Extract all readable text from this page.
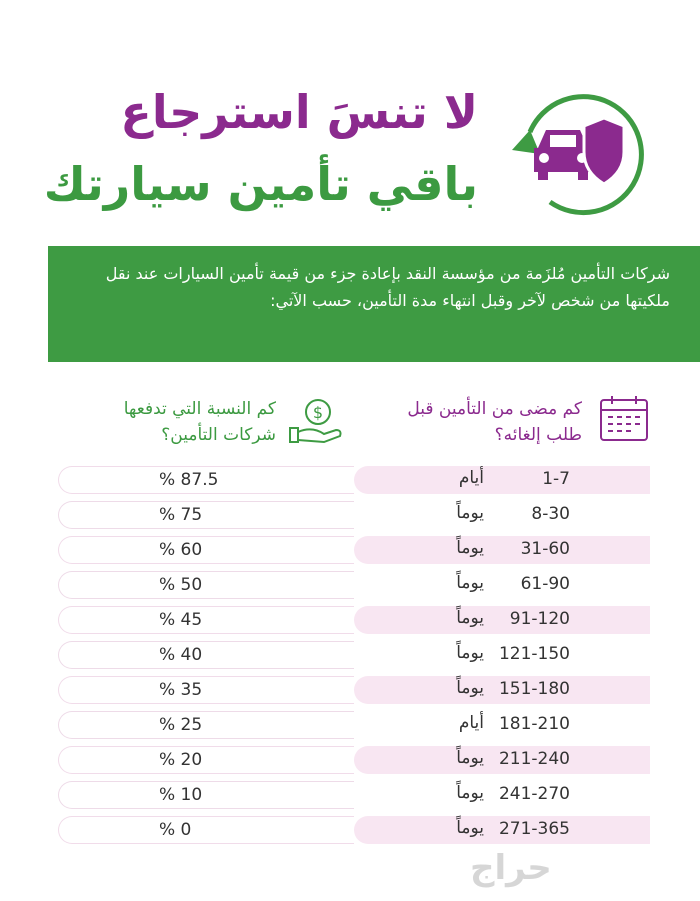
لا تنسَ استرجاع
باقي تأمين سيارتك
شركات التأمين مُلزَمة من مؤسسة النقد بإعادة جزء من قيمة تأمين السيارات عند نقل ملكيتها من شخص لآخر وقبل انتهاء مدة التأمين، حسب الآتي:
$
كم النسبة التي تدفعها شركات التأمين؟
كم مضى من التأمين قبل طلب إلغائه؟
% 87.5	1-7
أيام
% 75	8-30
يوماً
% 60	31-60
يوماً
% 50	61-90
يوماً
% 45	91-120
يوماً
% 40	121-150
يوماً
% 35	151-180
يوماً
% 25	181-210
أيام
% 20	211-240
يوماً
% 10	241-270
يوماً
% 0	271-365
يوماً
حراج
